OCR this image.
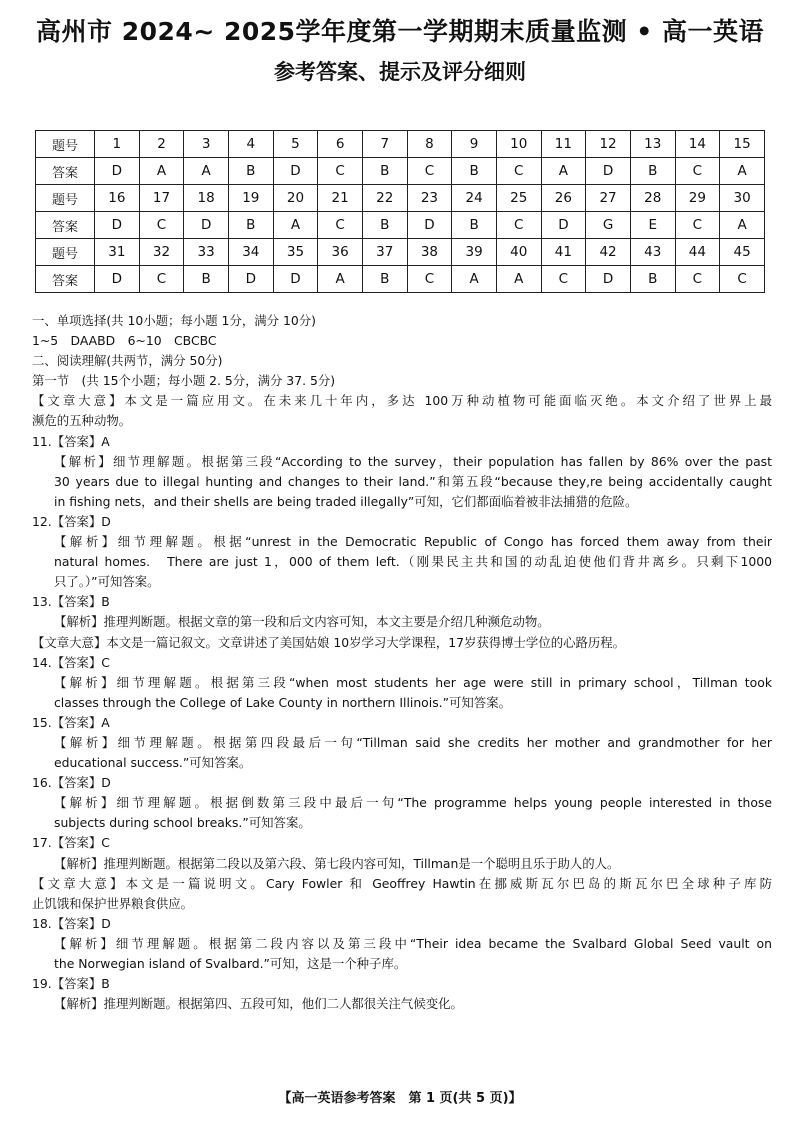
高州市 2024~ 2025学年度第一学期期末质量监测 • 高一英语
参考答案、提示及评分细则
题号	1	2	3	4	5	6	7	8	9	10	11	12	13	14	15
答案	D	A	A	B	D	C	B	C	B	C	A	D	B	C	A
题号	16	17	18	19	20	21	22	23	24	25	26	27	28	29	30
答案	D	C	D	B	A	C	B	D	B	C	D	G	E	C	A
题号	31	32	33	34	35	36	37	38	39	40	41	42	43	44	45
答案	D	C	B	D	D	A	B	C	A	A	C	D	B	C	C
一、单项选择(共 10小题；每小题 1分，满分 10分)
1~5　DAABD　6~10　CBCBC
二、阅读理解(共两节，满分 50分)
第一节　(共 15个小题；每小题 2. 5分，满分 37. 5分)
【文章大意】本文是一篇应用文。在未来几十年内，多达 100万种动植物可能面临灭绝。本文介绍了世界上最
濒危的五种动物。
11.【答案】A
【解析】细节理解题。根据第三段“According to the survey，their population has fallen by 86% over the past
30 years due to illegal hunting and changes to their land.”和第五段“because they,re being accidentally caught
in fishing nets，and their shells are being traded illegally”可知，它们都面临着被非法捕猎的危险。
12.【答案】D
【解析】细节理解题。根据“unrest in the Democratic Republic of Congo has forced them away from their
natural homes.　There are just 1，000 of them left.（刚果民主共和国的动乱迫使他们背井离乡。只剩下1000
只了。）”可知答案。
13.【答案】B
【解析】推理判断题。根据文章的第一段和后文内容可知，本文主要是介绍几种濒危动物。
【文章大意】本文是一篇记叙文。文章讲述了美国姑娘 10岁学习大学课程，17岁获得博士学位的心路历程。
14.【答案】C
【解析】细节理解题。根据第三段“when most students her age were still in primary school，Tillman took
classes through the College of Lake County in northern Illinois.”可知答案。
15.【答案】A
【解析】细节理解题。根据第四段最后一句“Tillman said she credits her mother and grandmother for her
educational success.”可知答案。
16.【答案】D
【解析】细节理解题。根据倒数第三段中最后一句“The programme helps young people interested in those
subjects during school breaks.”可知答案。
17.【答案】C
【解析】推理判断题。根据第二段以及第六段、第七段内容可知，Tillman是一个聪明且乐于助人的人。
【文章大意】本文是一篇说明文。Cary Fowler 和 Geoffrey Hawtin在挪威斯瓦尔巴岛的斯瓦尔巴全球种子库防
止饥饿和保护世界粮食供应。
18.【答案】D
【解析】细节理解题。根据第二段内容以及第三段中“Their idea became the Svalbard Global Seed vault on
the Norwegian island of Svalbard.”可知，这是一个种子库。
19.【答案】B
【解析】推理判断题。根据第四、五段可知，他们二人都很关注气候变化。
【高一英语参考答案　第 1 页(共 5 页)】
